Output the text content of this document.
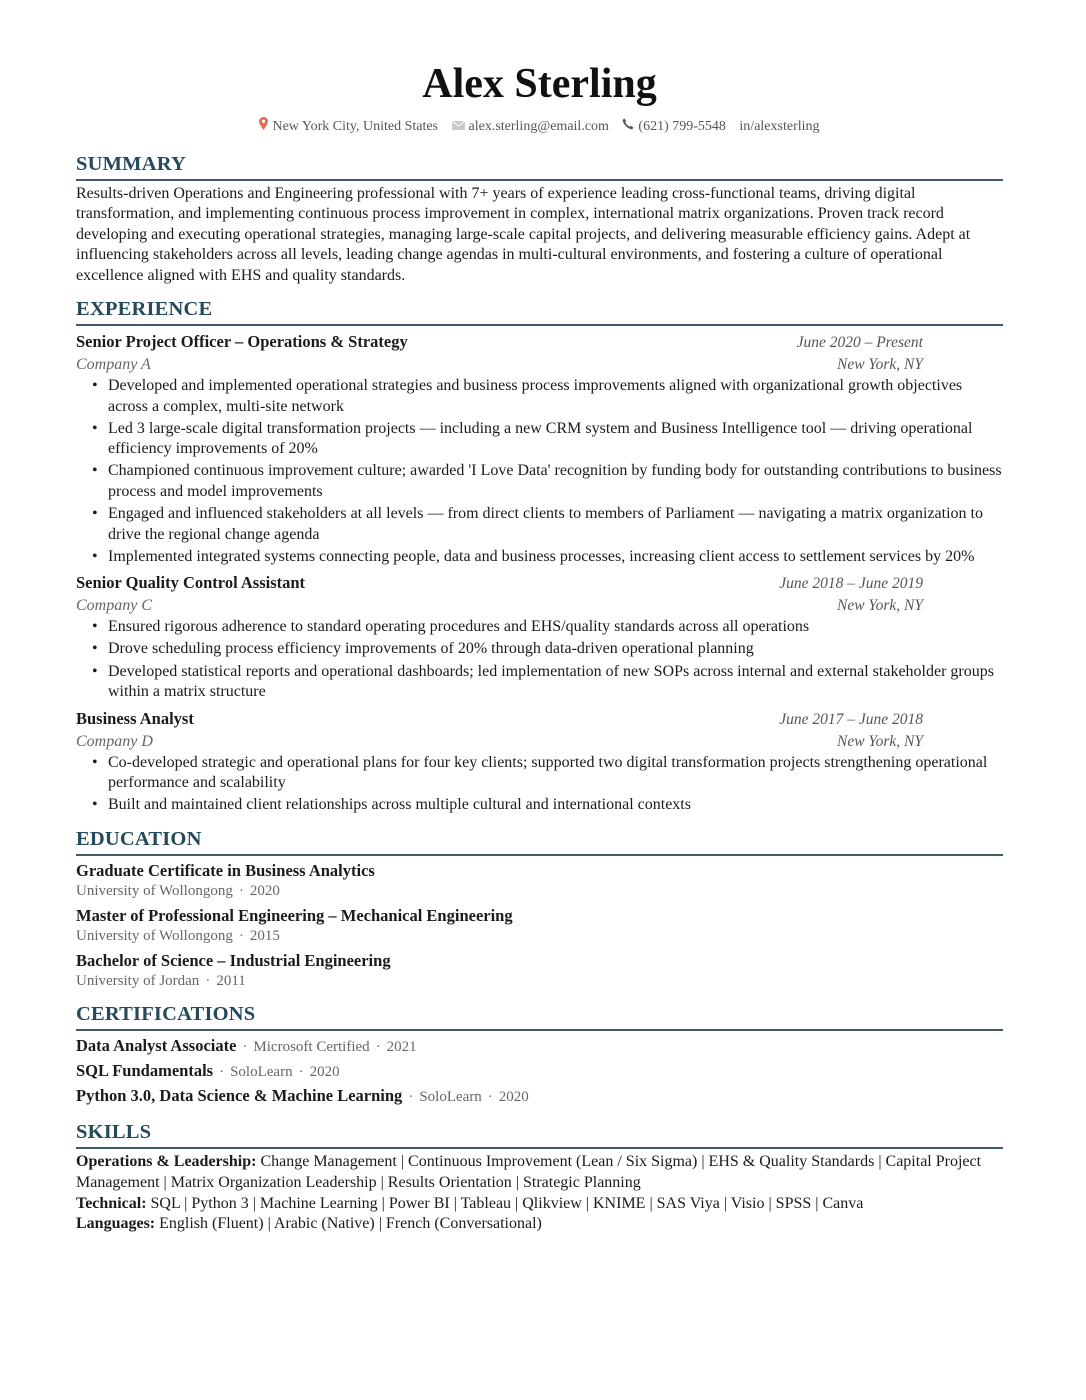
Alex Sterling
New York City, United States alex.sterling@email.com (621) 799-5548 in/alexsterling
SUMMARY

Results-driven Operations and Engineering professional with 7+ years of experience leading cross-functional teams, driving digital transformation, and implementing continuous process improvement in complex, international matrix organizations. Proven track record developing and executing operational strategies, managing large-scale capital projects, and delivering measurable efficiency gains. Adept at influencing stakeholders across all levels, leading change agendas in multi-cultural environments, and fostering a culture of operational excellence aligned with EHS and quality standards.

EXPERIENCE
Senior Project Officer – Operations & Strategy	June 2020 – Present
Company A	New York, NY
• Developed and implemented operational strategies and business process improvements aligned with organizational growth objectives across a complex, multi-site network
• Led 3 large-scale digital transformation projects — including a new CRM system and Business Intelligence tool — driving operational efficiency improvements of 20%
• Championed continuous improvement culture; awarded 'I Love Data' recognition by funding body for outstanding contributions to business process and model improvements
• Engaged and influenced stakeholders at all levels — from direct clients to members of Parliament — navigating a matrix organization to drive the regional change agenda
• Implemented integrated systems connecting people, data and business processes, increasing client access to settlement services by 20%
Senior Quality Control Assistant	June 2018 – June 2019
Company C	New York, NY
• Ensured rigorous adherence to standard operating procedures and EHS/quality standards across all operations
• Drove scheduling process efficiency improvements of 20% through data-driven operational planning
• Developed statistical reports and operational dashboards; led implementation of new SOPs across internal and external stakeholder groups within a matrix structure
Business Analyst	June 2017 – June 2018
Company D	New York, NY
• Co-developed strategic and operational plans for four key clients; supported two digital transformation projects strengthening operational performance and scalability
• Built and maintained client relationships across multiple cultural and international contexts
EDUCATION
Graduate Certificate in Business Analytics
University of Wollongong · 2020
Master of Professional Engineering – Mechanical Engineering
University of Wollongong · 2015
Bachelor of Science – Industrial Engineering
University of Jordan · 2011
CERTIFICATIONS
Data Analyst Associate · Microsoft Certified · 2021
SQL Fundamentals · SoloLearn · 2020
Python 3.0, Data Science & Machine Learning · SoloLearn · 2020
SKILLS
Operations & Leadership: Change Management | Continuous Improvement (Lean / Six Sigma) | EHS & Quality Standards | Capital Project Management | Matrix Organization Leadership | Results Orientation | Strategic Planning
Technical: SQL | Python 3 | Machine Learning | Power BI | Tableau | Qlikview | KNIME | SAS Viya | Visio | SPSS | Canva
Languages: English (Fluent) | Arabic (Native) | French (Conversational)
